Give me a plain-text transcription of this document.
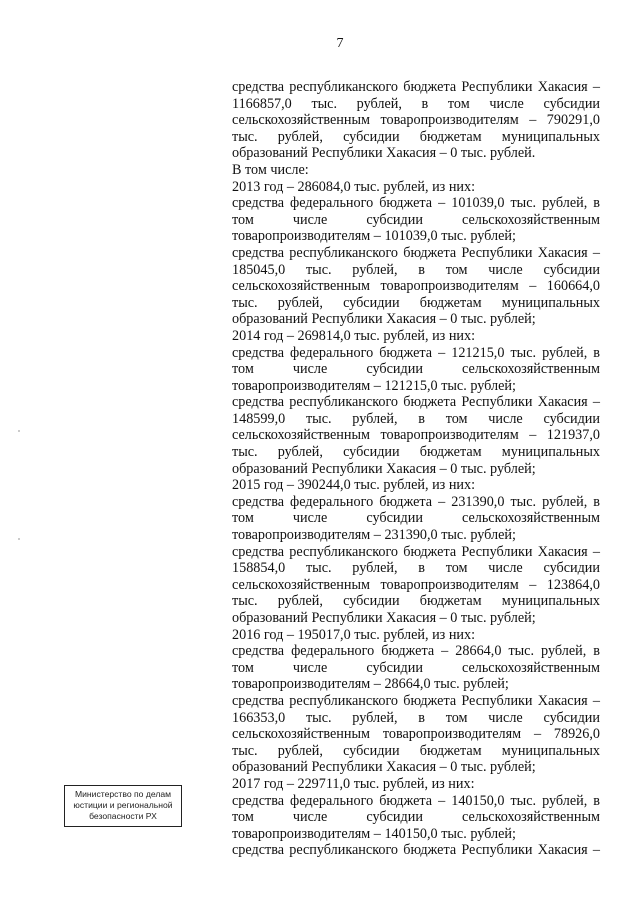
7

средства республиканского бюджета Республики Хакасия – 1166857,0 тыс. рублей, в том числе субсидии сельскохозяйственным товаропроизводителям – 790291,0 тыс. рублей, субсидии бюджетам муниципальных образований Республики Хакасия – 0 тыс. рублей.

В том числе:

2013 год – 286084,0 тыс. рублей, из них:

средства федерального бюджета – 101039,0 тыс. рублей, в том числе субсидии сельскохозяйственным товаропроизводителям – 101039,0 тыс. рублей;

средства республиканского бюджета Республики Хакасия – 185045,0 тыс. рублей, в том числе субсидии сельскохозяйственным товаропроизводителям – 160664,0 тыс. рублей, субсидии бюджетам муниципальных образований Республики Хакасия – 0 тыс. рублей;

2014 год – 269814,0 тыс. рублей, из них:

средства федерального бюджета – 121215,0 тыс. рублей, в том числе субсидии сельскохозяйственным товаропроизводителям – 121215,0 тыс. рублей;

средства республиканского бюджета Республики Хакасия – 148599,0 тыс. рублей, в том числе субсидии сельскохозяйственным товаропроизводителям – 121937,0 тыс. рублей, субсидии бюджетам муниципальных образований Республики Хакасия – 0 тыс. рублей;

2015 год – 390244,0 тыс. рублей, из них:

средства федерального бюджета – 231390,0 тыс. рублей, в том числе субсидии сельскохозяйственным товаропроизводителям – 231390,0 тыс. рублей;

средства республиканского бюджета Республики Хакасия – 158854,0 тыс. рублей, в том числе субсидии сельскохозяйственным товаропроизводителям – 123864,0 тыс. рублей, субсидии бюджетам муниципальных образований Республики Хакасия – 0 тыс. рублей;

2016 год – 195017,0 тыс. рублей, из них:

средства федерального бюджета – 28664,0 тыс. рублей, в том числе субсидии сельскохозяйственным товаропроизводителям – 28664,0 тыс. рублей;

средства республиканского бюджета Республики Хакасия – 166353,0 тыс. рублей, в том числе субсидии сельскохозяйственным товаропроизводителям – 78926,0 тыс. рублей, субсидии бюджетам муниципальных образований Республики Хакасия – 0 тыс. рублей;

2017 год – 229711,0 тыс. рублей, из них:

средства федерального бюджета – 140150,0 тыс. рублей, в том числе субсидии сельскохозяйственным товаропроизводителям – 140150,0 тыс. рублей;

средства республиканского бюджета Республики Хакасия –

Министерство по делам
юстиции и региональной
безопасности РХ
